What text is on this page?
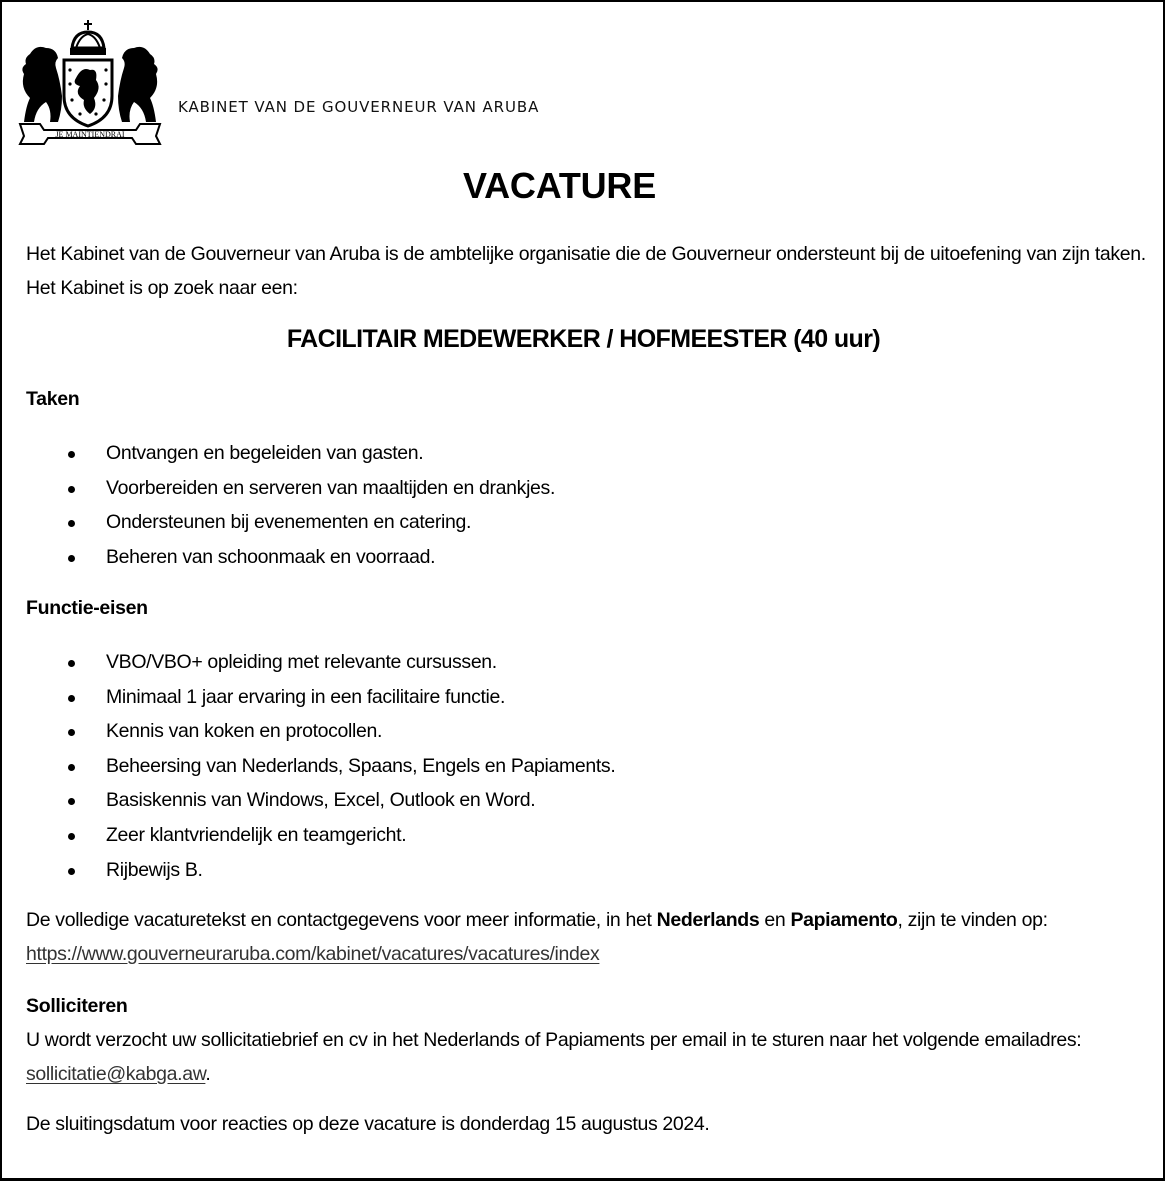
JE MAINTIENDRAI
KABINET VAN DE GOUVERNEUR VAN ARUBA
VACATURE
Het Kabinet van de Gouverneur van Aruba is de ambtelijke organisatie die de Gouverneur ondersteunt bij de uitoefening van zijn taken. Het Kabinet is op zoek naar een:
FACILITAIR MEDEWERKER / HOFMEESTER (40 uur)
Taken
Ontvangen en begeleiden van gasten.
Voorbereiden en serveren van maaltijden en drankjes.
Ondersteunen bij evenementen en catering.
Beheren van schoonmaak en voorraad.
Functie-eisen
VBO/VBO+ opleiding met relevante cursussen.
Minimaal 1 jaar ervaring in een facilitaire functie.
Kennis van koken en protocollen.
Beheersing van Nederlands, Spaans, Engels en Papiaments.
Basiskennis van Windows, Excel, Outlook en Word.
Zeer klantvriendelijk en teamgericht.
Rijbewijs B.
De volledige vacaturetekst en contactgegevens voor meer informatie, in het Nederlands en Papiamento, zijn te vinden op: https://www.gouverneuraruba.com/kabinet/vacatures/vacatures/index
Solliciteren
U wordt verzocht uw sollicitatiebrief en cv in het Nederlands of Papiaments per email in te sturen naar het volgende emailadres: sollicitatie@kabga.aw.
De sluitingsdatum voor reacties op deze vacature is donderdag 15 augustus 2024.
